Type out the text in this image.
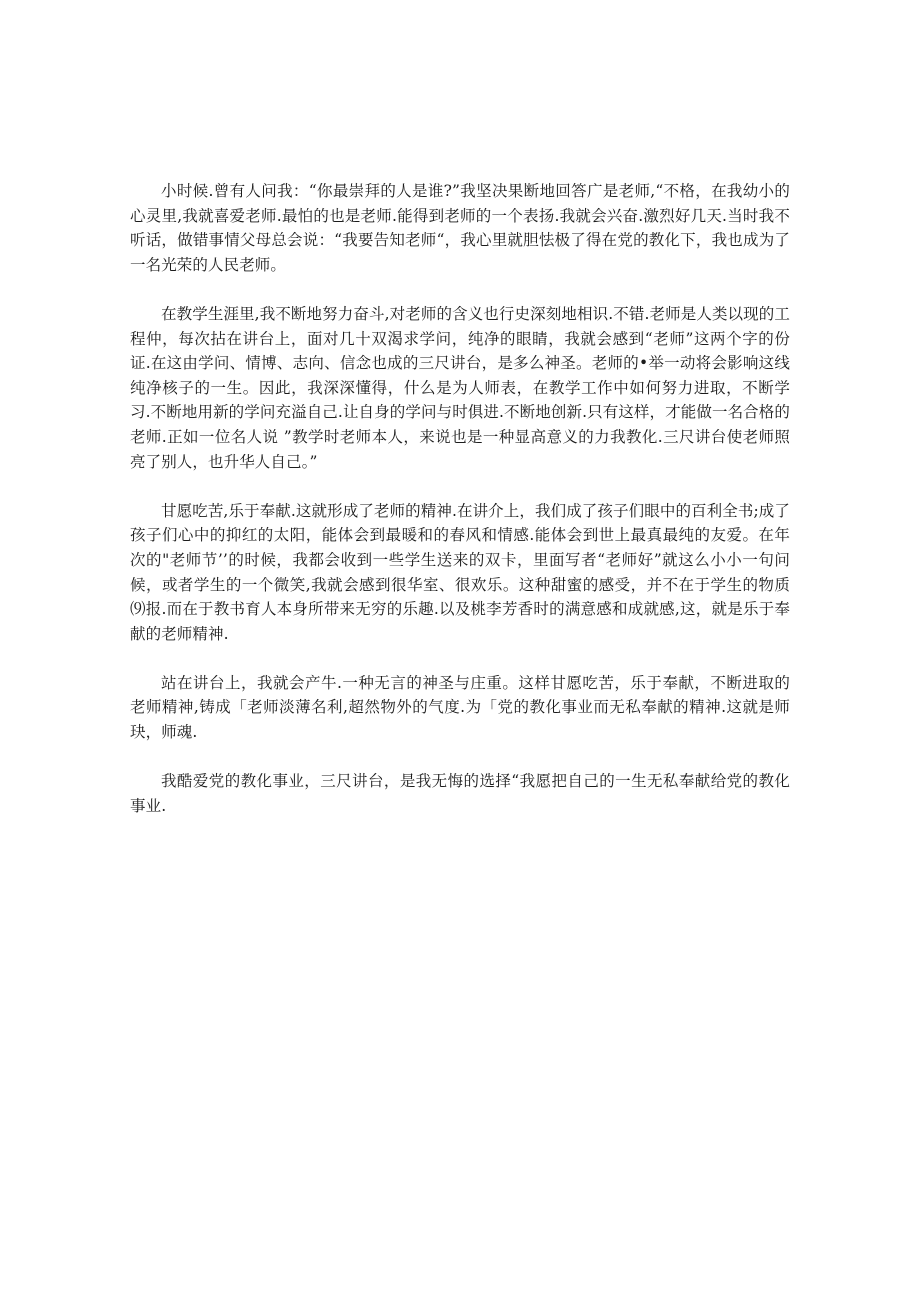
小时候.曾有人问我：“你最崇拜的人是谁?”我坚决果断地回答广是老师,“不格，在我幼小的心灵里,我就喜爱老师.最怕的也是老师.能得到老师的一个表扬.我就会兴奋.激烈好几天.当时我不听话，做错事情父母总会说：“我要告知老师“，我心里就胆怯极了得在党的教化下，我也成为了一名光荣的人民老师。

在教学生涯里,我不断地努力奋斗,对老师的含义也行史深刻地相识.不错.老师是人类以现的工程仲，每次拈在讲台上，面对几十双渴求学问，纯净的眼睛，我就会感到“老师”这两个字的份证.在这由学问、情博、志向、信念也成的三尺讲台，是多么神圣。老师的•举一动将会影响这线纯净核子的一生。因此，我深深懂得，什么是为人师表，在教学工作中如何努力进取，不断学习.不断地用新的学问充溢自己.让自身的学问与时俱进.不断地创新.只有这样，才能做一名合格的老师.正如一位名人说 ”教学时老师本人，来说也是一种显高意义的力我教化.三尺讲台使老师照亮了别人，也升华人自己。”

甘愿吃苦,乐于奉献.这就形成了老师的精神.在讲介上，我们成了孩子们眼中的百利全书;成了孩子们心中的抑红的太阳，能体会到最暖和的春风和情感.能体会到世上最真最纯的友爱。在年次的"老师节’’的时候，我都会收到一些学生送来的双卡，里面写者“老师好”就这么小小一句问候，或者学生的一个微笑,我就会感到很华室、很欢乐。这种甜蜜的感受，并不在于学生的物质⑼报.而在于教书育人本身所带来无穷的乐趣.以及桃李芳香时的满意感和成就感,这，就是乐于奉献的老师精神.

站在讲台上，我就会产牛.一种无言的神圣与庄重。这样甘愿吃苦，乐于奉献，不断进取的老师精神,铸成「老师淡薄名利,超然物外的气度.为「党的教化事业而无私奉献的精神.这就是师玦，师魂.

我酷爱党的教化事业，三尺讲台，是我无悔的选择“我愿把自己的一生无私奉献给党的教化事业.
